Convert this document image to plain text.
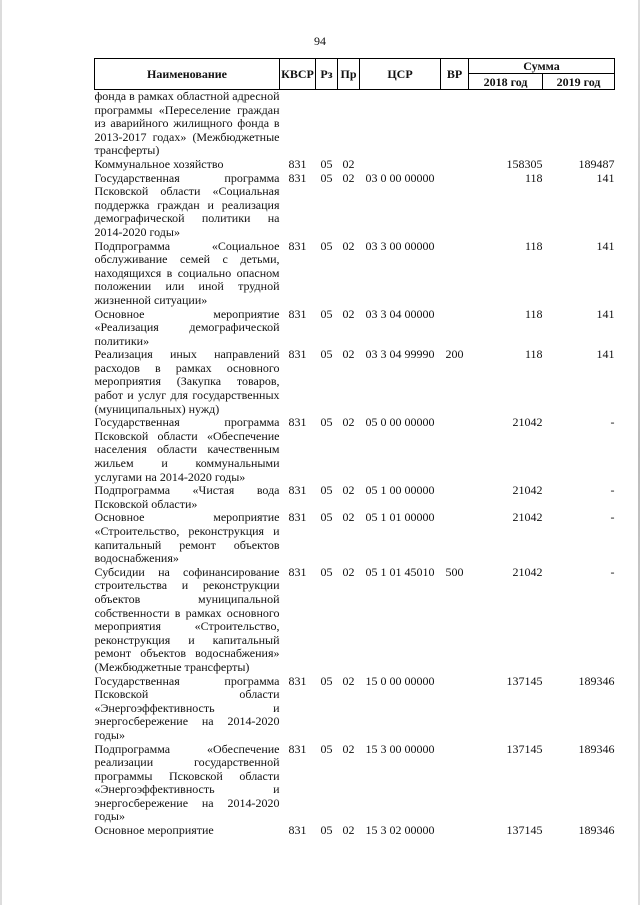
94
Наименование	КВСР	Рз	Пр	ЦСР	ВР	Сумма	
						2018 год	2019 год
фонда в рамках областной адресной программы «Переселение граждан из аварийного жилищного фонда в 2013-2017 годах» (Межбюджетные трансферты)							
Коммунальное хозяйство	831	05	02			158305	189487
Государственная программа Псковской области «Социальная поддержка граждан и реализация демографической политики на 2014-2020 годы»	831	05	02	03 0 00 00000		118	141
Подпрограмма «Социальное обслуживание семей с детьми, находящихся в социально опасном положении или иной трудной жизненной ситуации»	831	05	02	03 3 00 00000		118	141
Основное мероприятие «Реализация демографической политики»	831	05	02	03 3 04 00000		118	141
Реализация иных направлений расходов в рамках основного мероприятия (Закупка товаров, работ и услуг для государственных (муниципальных) нужд)	831	05	02	03 3 04 99990	200	118	141
Государственная программа Псковской области «Обеспечение населения области качественным жильем и коммунальными услугами на 2014-2020 годы»	831	05	02	05 0 00 00000		21042	-
Подпрограмма «Чистая вода Псковской области»	831	05	02	05 1 00 00000		21042	-
Основное мероприятие «Строительство, реконструкция и капитальный ремонт объектов водоснабжения»	831	05	02	05 1 01 00000		21042	-
Субсидии на софинансирование строительства и реконструкции объектов муниципальной собственности в рамках основного мероприятия «Строительство, реконструкция и капитальный ремонт объектов водоснабжения» (Межбюджетные трансферты)	831	05	02	05 1 01 45010	500	21042	-
Государственная программа Псковской области «Энергоэффективность и энергосбережение на 2014-2020 годы»	831	05	02	15 0 00 00000		137145	189346
Подпрограмма «Обеспечение реализации государственной программы Псковской области «Энергоэффективность и энергосбережение на 2014-2020 годы»	831	05	02	15 3 00 00000		137145	189346
Основное мероприятие	831	05	02	15 3 02 00000		137145	189346
